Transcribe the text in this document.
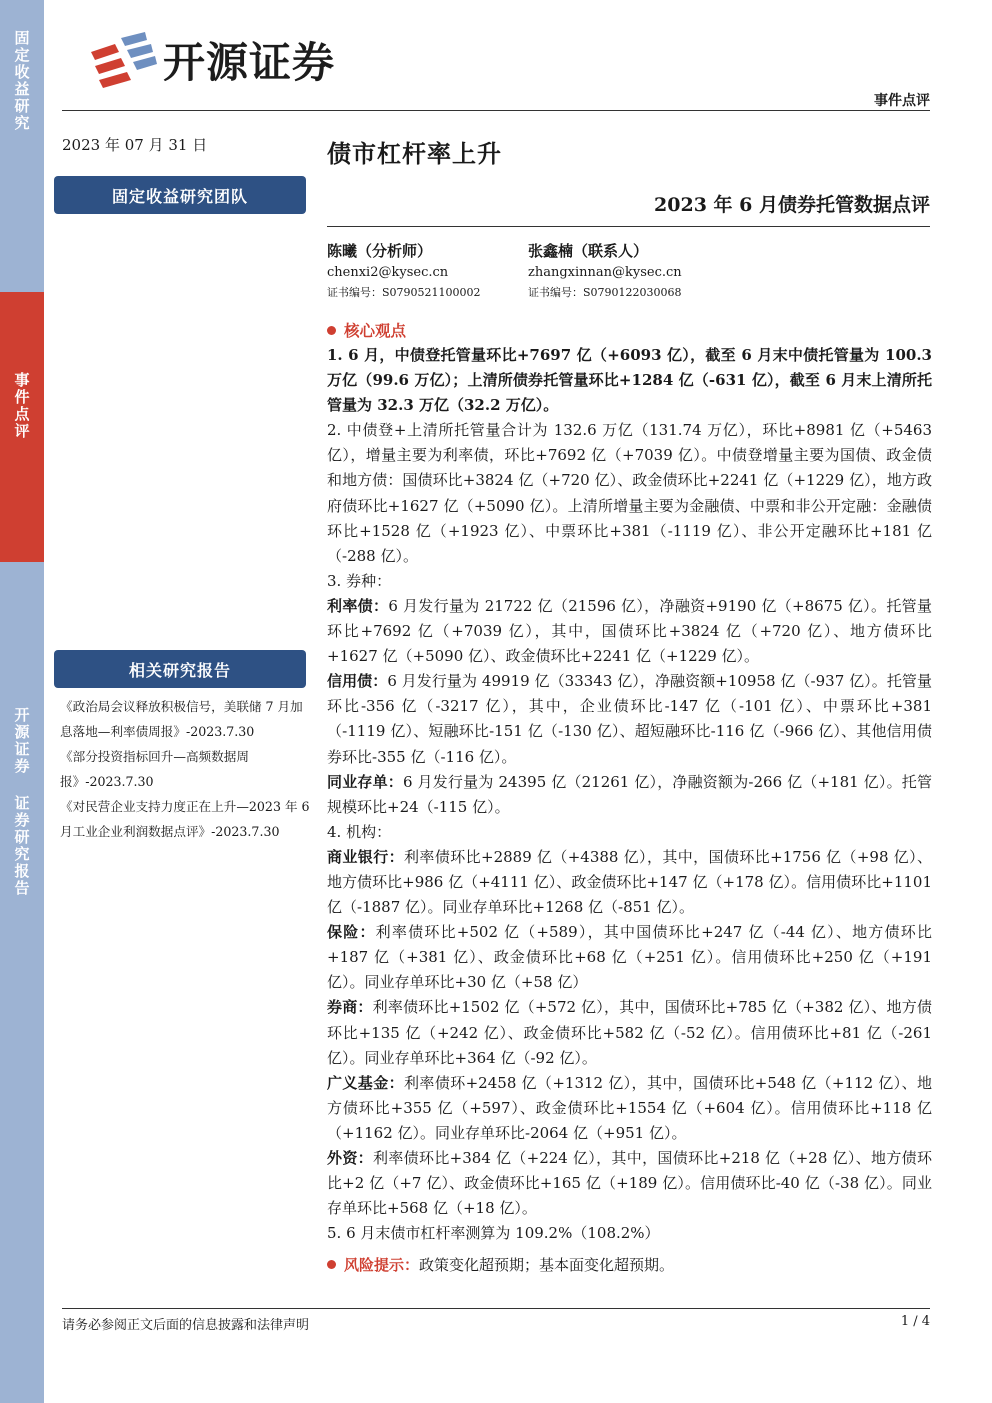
固定收益研究
事件点评
开源证券 证券研究报告
开源证券
事件点评
2023 年 07 月 31 日
固定收益研究团队
相关研究报告

《政治局会议释放积极信号，美联储 7 月加息落地—利率债周报》-2023.7.30

《部分投资指标回升—高频数据周报》-2023.7.30

《对民营企业支持力度正在上升—2023 年 6 月工业企业利润数据点评》-2023.7.30

债市杠杆率上升
2023 年 6 月债券托管数据点评
陈曦（分析师）
chenxi2@kysec.cn
证书编号：S0790521100002
张鑫楠（联系人）
zhangxinnan@kysec.cn
证书编号：S0790122030068
核心观点

1. 6 月，中债登托管量环比+7697 亿（+6093 亿），截至 6 月末中债托管量为 100.3 万亿（99.6 万亿）；上清所债券托管量环比+1284 亿（-631 亿），截至 6 月末上清所托管量为 32.3 万亿（32.2 万亿）。

2. 中债登+上清所托管量合计为 132.6 万亿（131.74 万亿），环比+8981 亿（+5463 亿），增量主要为利率债，环比+7692 亿（+7039 亿）。中债登增量主要为国债、政金债和地方债：国债环比+3824 亿（+720 亿）、政金债环比+2241 亿（+1229 亿），地方政府债环比+1627 亿（+5090 亿）。上清所增量主要为金融债、中票和非公开定融：金融债环比+1528 亿（+1923 亿）、中票环比+381（-1119 亿）、非公开定融环比+181 亿（-288 亿）。

3. 券种：

利率债：6 月发行量为 21722 亿（21596 亿），净融资+9190 亿（+8675 亿）。托管量环比+7692 亿（+7039 亿），其中，国债环比+3824 亿（+720 亿）、地方债环比+1627 亿（+5090 亿）、政金债环比+2241 亿（+1229 亿）。

信用债：6 月发行量为 49919 亿（33343 亿），净融资额+10958 亿（-937 亿）。托管量环比-356 亿（-3217 亿），其中，企业债环比-147 亿（-101 亿）、中票环比+381（-1119 亿）、短融环比-151 亿（-130 亿）、超短融环比-116 亿（-966 亿）、其他信用债券环比-355 亿（-116 亿）。

同业存单：6 月发行量为 24395 亿（21261 亿），净融资额为-266 亿（+181 亿）。托管规模环比+24（-115 亿）。

4. 机构：

商业银行：利率债环比+2889 亿（+4388 亿），其中，国债环比+1756 亿（+98 亿）、地方债环比+986 亿（+4111 亿）、政金债环比+147 亿（+178 亿）。信用债环比+1101 亿（-1887 亿）。同业存单环比+1268 亿（-851 亿）。

保险：利率债环比+502 亿（+589），其中国债环比+247 亿（-44 亿）、地方债环比+187 亿（+381 亿）、政金债环比+68 亿（+251 亿）。信用债环比+250 亿（+191 亿）。同业存单环比+30 亿（+58 亿）

券商：利率债环比+1502 亿（+572 亿），其中，国债环比+785 亿（+382 亿）、地方债环比+135 亿（+242 亿）、政金债环比+582 亿（-52 亿）。信用债环比+81 亿（-261 亿）。同业存单环比+364 亿（-92 亿）。

广义基金：利率债环+2458 亿（+1312 亿），其中，国债环比+548 亿（+112 亿）、地方债环比+355 亿（+597）、政金债环比+1554 亿（+604 亿）。信用债环比+118 亿（+1162 亿）。同业存单环比-2064 亿（+951 亿）。

外资：利率债环比+384 亿（+224 亿），其中，国债环比+218 亿（+28 亿）、地方债环比+2 亿（+7 亿）、政金债环比+165 亿（+189 亿）。信用债环比-40 亿（-38 亿）。同业存单环比+568 亿（+18 亿）。

5. 6 月末债市杠杆率测算为 109.2%（108.2%）

风险提示： 政策变化超预期；基本面变化超预期。
请务必参阅正文后面的信息披露和法律声明	1 / 4
